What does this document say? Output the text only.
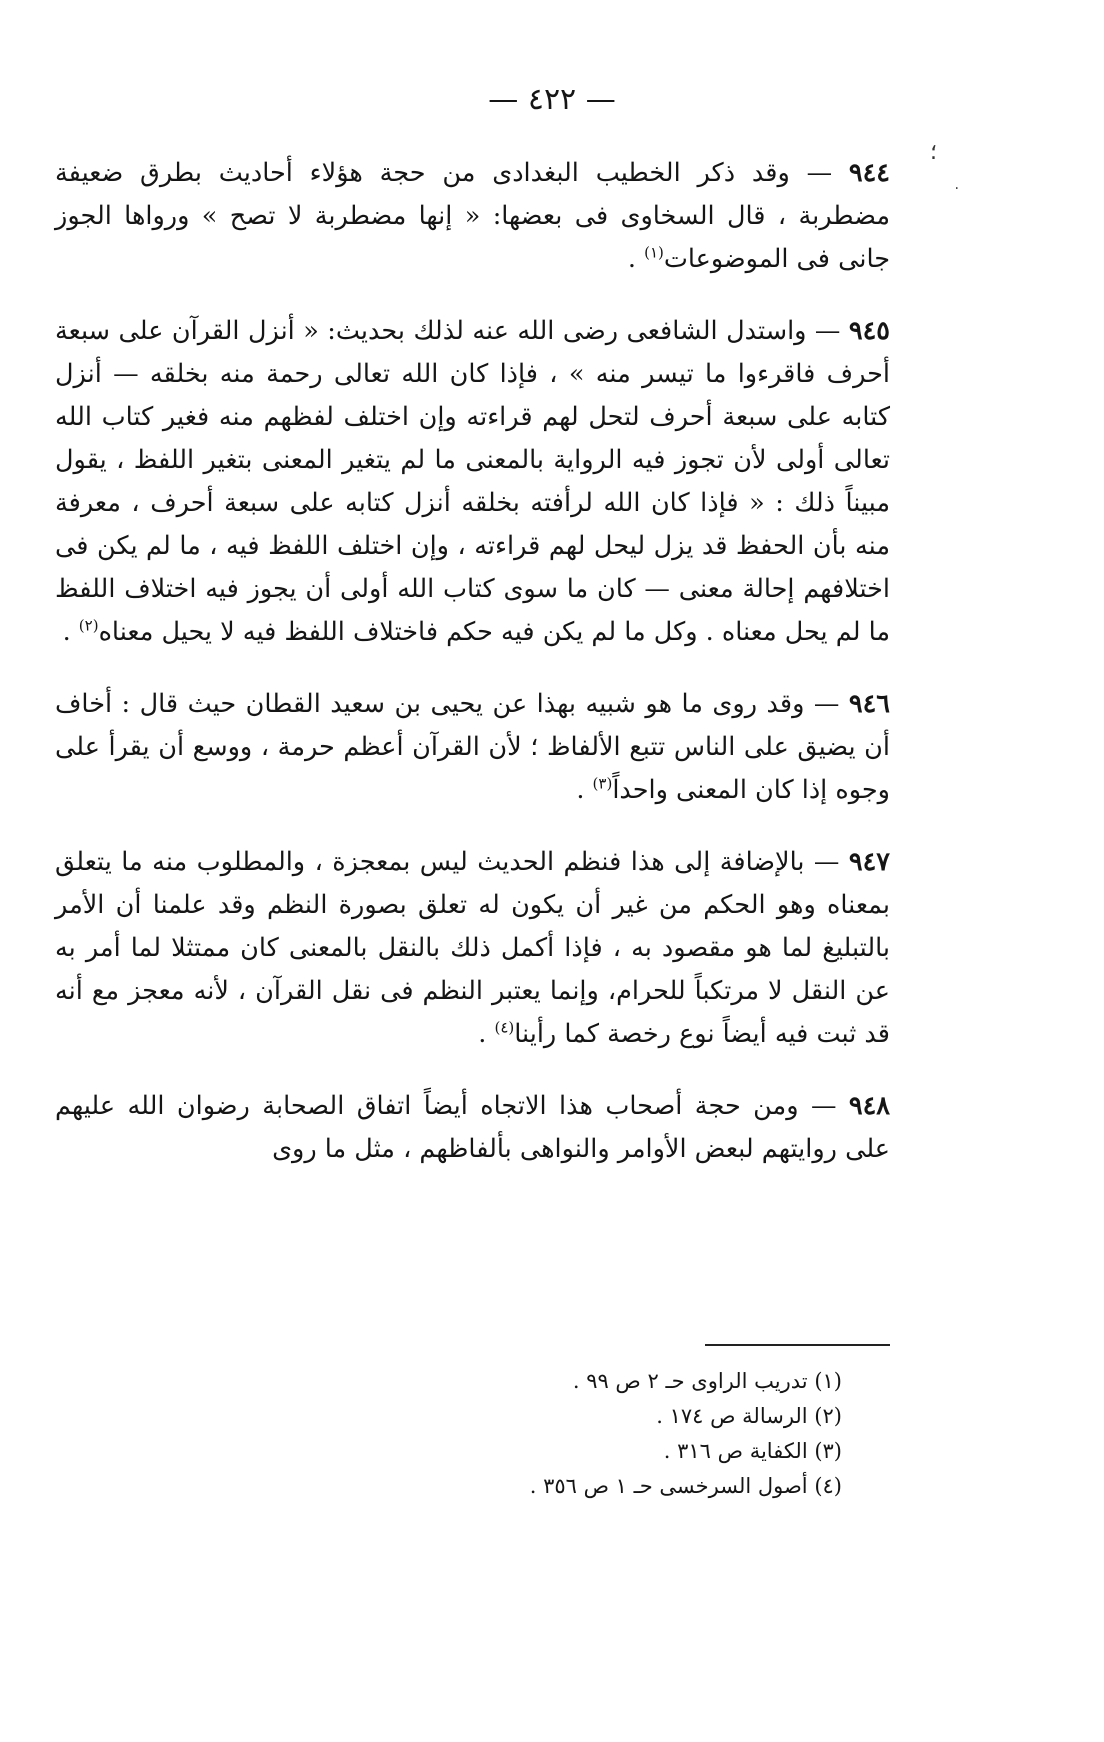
— ٤٢٢ —
؛
٠

٩٤٤ — وقد ذكر الخطيب البغدادى من حجة هؤلاء أحاديث بطرق ضعيفة مضطربة ، قال السخاوى فى بعضها: « إنها مضطربة لا تصح » ورواها الجوز جانى فى الموضوعات$^{(١)}$ .

٩٤٥ — واستدل الشافعى رضى الله عنه لذلك بحديث: « أنزل القرآن على سبعة أحرف فاقرءوا ما تيسر منه » ، فإذا كان الله تعالى رحمة منه بخلقه — أنزل كتابه على سبعة أحرف لتحل لهم قراءته وإن اختلف لفظهم منه فغير كتاب الله تعالى أولى لأن تجوز فيه الرواية بالمعنى ما لم يتغير المعنى بتغير اللفظ ، يقول مبيناً ذلك : « فإذا كان الله لرأفته بخلقه أنزل كتابه على سبعة أحرف ، معرفة منه بأن الحفظ قد يزل ليحل لهم قراءته ، وإن اختلف اللفظ فيه ، ما لم يكن فى اختلافهم إحالة معنى — كان ما سوى كتاب الله أولى أن يجوز فيه اختلاف اللفظ ما لم يحل معناه . وكل ما لم يكن فيه حكم فاختلاف اللفظ فيه لا يحيل معناه$^{(٢)}$ .

٩٤٦ — وقد روى ما هو شبيه بهذا عن يحيى بن سعيد القطان حيث قال : أخاف أن يضيق على الناس تتبع الألفاظ ؛ لأن القرآن أعظم حرمة ، ووسع أن يقرأ على وجوه إذا كان المعنى واحداً$^{(٣)}$ .

٩٤٧ — بالإضافة إلى هذا فنظم الحديث ليس بمعجزة ، والمطلوب منه ما يتعلق بمعناه وهو الحكم من غير أن يكون له تعلق بصورة النظم وقد علمنا أن الأمر بالتبليغ لما هو مقصود به ، فإذا أكمل ذلك بالنقل بالمعنى كان ممتثلا لما أمر به عن النقل لا مرتكباً للحرام، وإنما يعتبر النظم فى نقل القرآن ، لأنه معجز مع أنه قد ثبت فيه أيضاً نوع رخصة كما رأينا$^{(٤)}$ .

٩٤٨ — ومن حجة أصحاب هذا الاتجاه أيضاً اتفاق الصحابة رضوان الله عليهم على روايتهم لبعض الأوامر والنواهى بألفاظهم ، مثل ما روى

(١) تدريب الراوى حـ ٢ ص ٩٩ .

(٢) الرسالة ص ١٧٤ .

(٣) الكفاية ص ٣١٦ .

(٤) أصول السرخسى حـ ١ ص ٣٥٦ .
